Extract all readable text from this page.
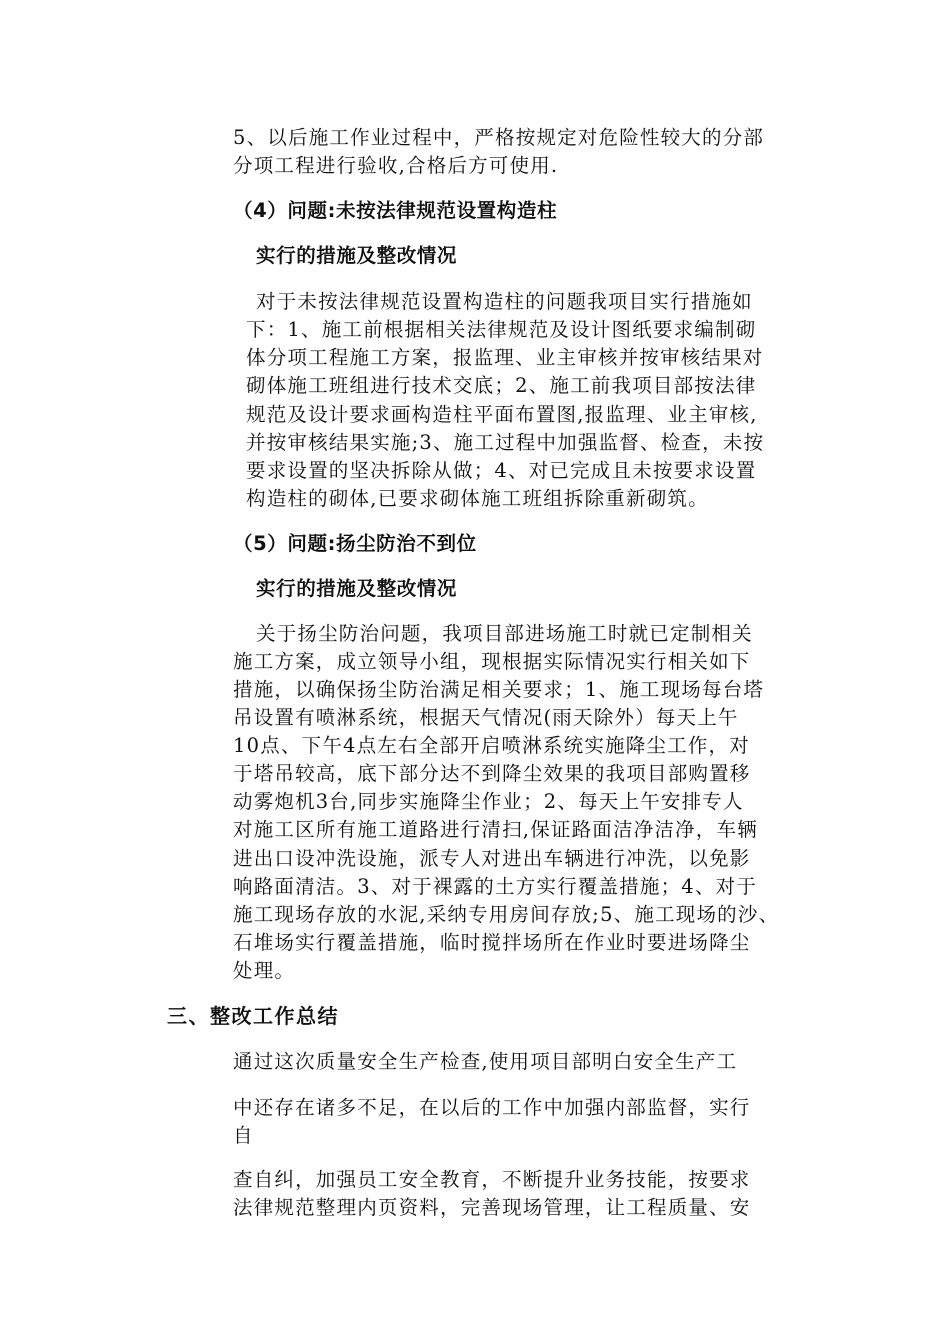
5、以后施工作业过程中，严格按规定对危险性较大的分部
分项工程进行验收,合格后方可使用.
（4）问题:未按法律规范设置构造柱
实行的措施及整改情况
对于未按法律规范设置构造柱的问题我项目实行措施如
下：1、施工前根据相关法律规范及设计图纸要求编制砌
体分项工程施工方案，报监理、业主审核并按审核结果对
砌体施工班组进行技术交底；2、施工前我项目部按法律
规范及设计要求画构造柱平面布置图,报监理、业主审核,
并按审核结果实施;3、施工过程中加强监督、检查，未按
要求设置的坚决拆除从做；4、对已完成且未按要求设置
构造柱的砌体,已要求砌体施工班组拆除重新砌筑。
（5）问题:扬尘防治不到位
实行的措施及整改情况
关于扬尘防治问题，我项目部进场施工时就已定制相关
施工方案，成立领导小组，现根据实际情况实行相关如下
措施，以确保扬尘防治满足相关要求；1、施工现场每台塔
吊设置有喷淋系统，根据天气情况(雨天除外）每天上午
10点、下午4点左右全部开启喷淋系统实施降尘工作，对
于塔吊较高，底下部分达不到降尘效果的我项目部购置移
动雾炮机3台,同步实施降尘作业；2、每天上午安排专人
对施工区所有施工道路进行清扫,保证路面洁净洁净，车辆
进出口设冲洗设施，派专人对进出车辆进行冲洗，以免影
响路面清洁。3、对于裸露的土方实行覆盖措施；4、对于
施工现场存放的水泥,采纳专用房间存放;5、施工现场的沙、
石堆场实行覆盖措施，临时搅拌场所在作业时要进场降尘
处理。
三、整改工作总结
通过这次质量安全生产检查,使用项目部明白安全生产工
中还存在诸多不足，在以后的工作中加强内部监督，实行
自
查自纠，加强员工安全教育，不断提升业务技能，按要求
法律规范整理内页资料，完善现场管理，让工程质量、安
